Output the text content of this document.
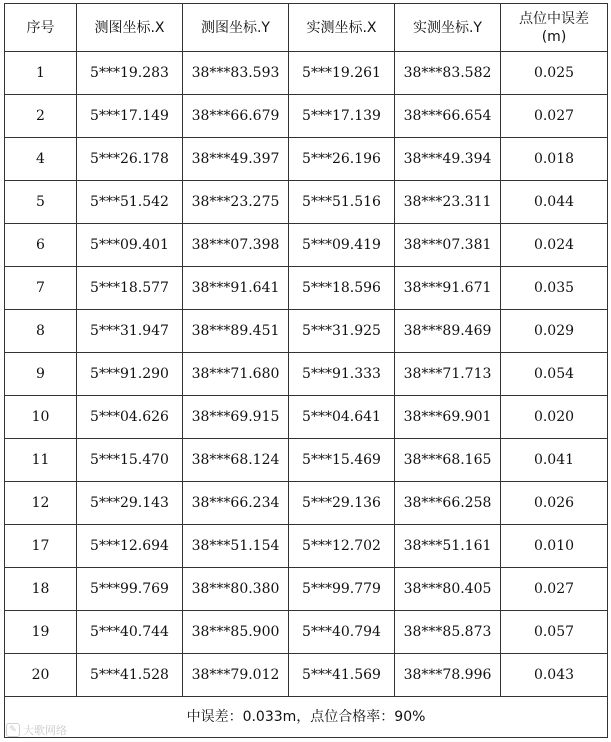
序号	测图坐标.X	测图坐标.Y	实测坐标.X	实测坐标.Y	点位中误差
(m)
1	5***19.283	38***83.593	5***19.261	38***83.582	0.025
2	5***17.149	38***66.679	5***17.139	38***66.654	0.027
4	5***26.178	38***49.397	5***26.196	38***49.394	0.018
5	5***51.542	38***23.275	5***51.516	38***23.311	0.044
6	5***09.401	38***07.398	5***09.419	38***07.381	0.024
7	5***18.577	38***91.641	5***18.596	38***91.671	0.035
8	5***31.947	38***89.451	5***31.925	38***89.469	0.029
9	5***91.290	38***71.680	5***91.333	38***71.713	0.054
10	5***04.626	38***69.915	5***04.641	38***69.901	0.020
11	5***15.470	38***68.124	5***15.469	38***68.165	0.041
12	5***29.143	38***66.234	5***29.136	38***66.258	0.026
17	5***12.694	38***51.154	5***12.702	38***51.161	0.010
18	5***99.769	38***80.380	5***99.779	38***80.405	0.027
19	5***40.744	38***85.900	5***40.794	38***85.873	0.057
20	5***41.528	38***79.012	5***41.569	38***78.996	0.043
中误差：0.033m，点位合格率：90%					
✎ 大歌网络
